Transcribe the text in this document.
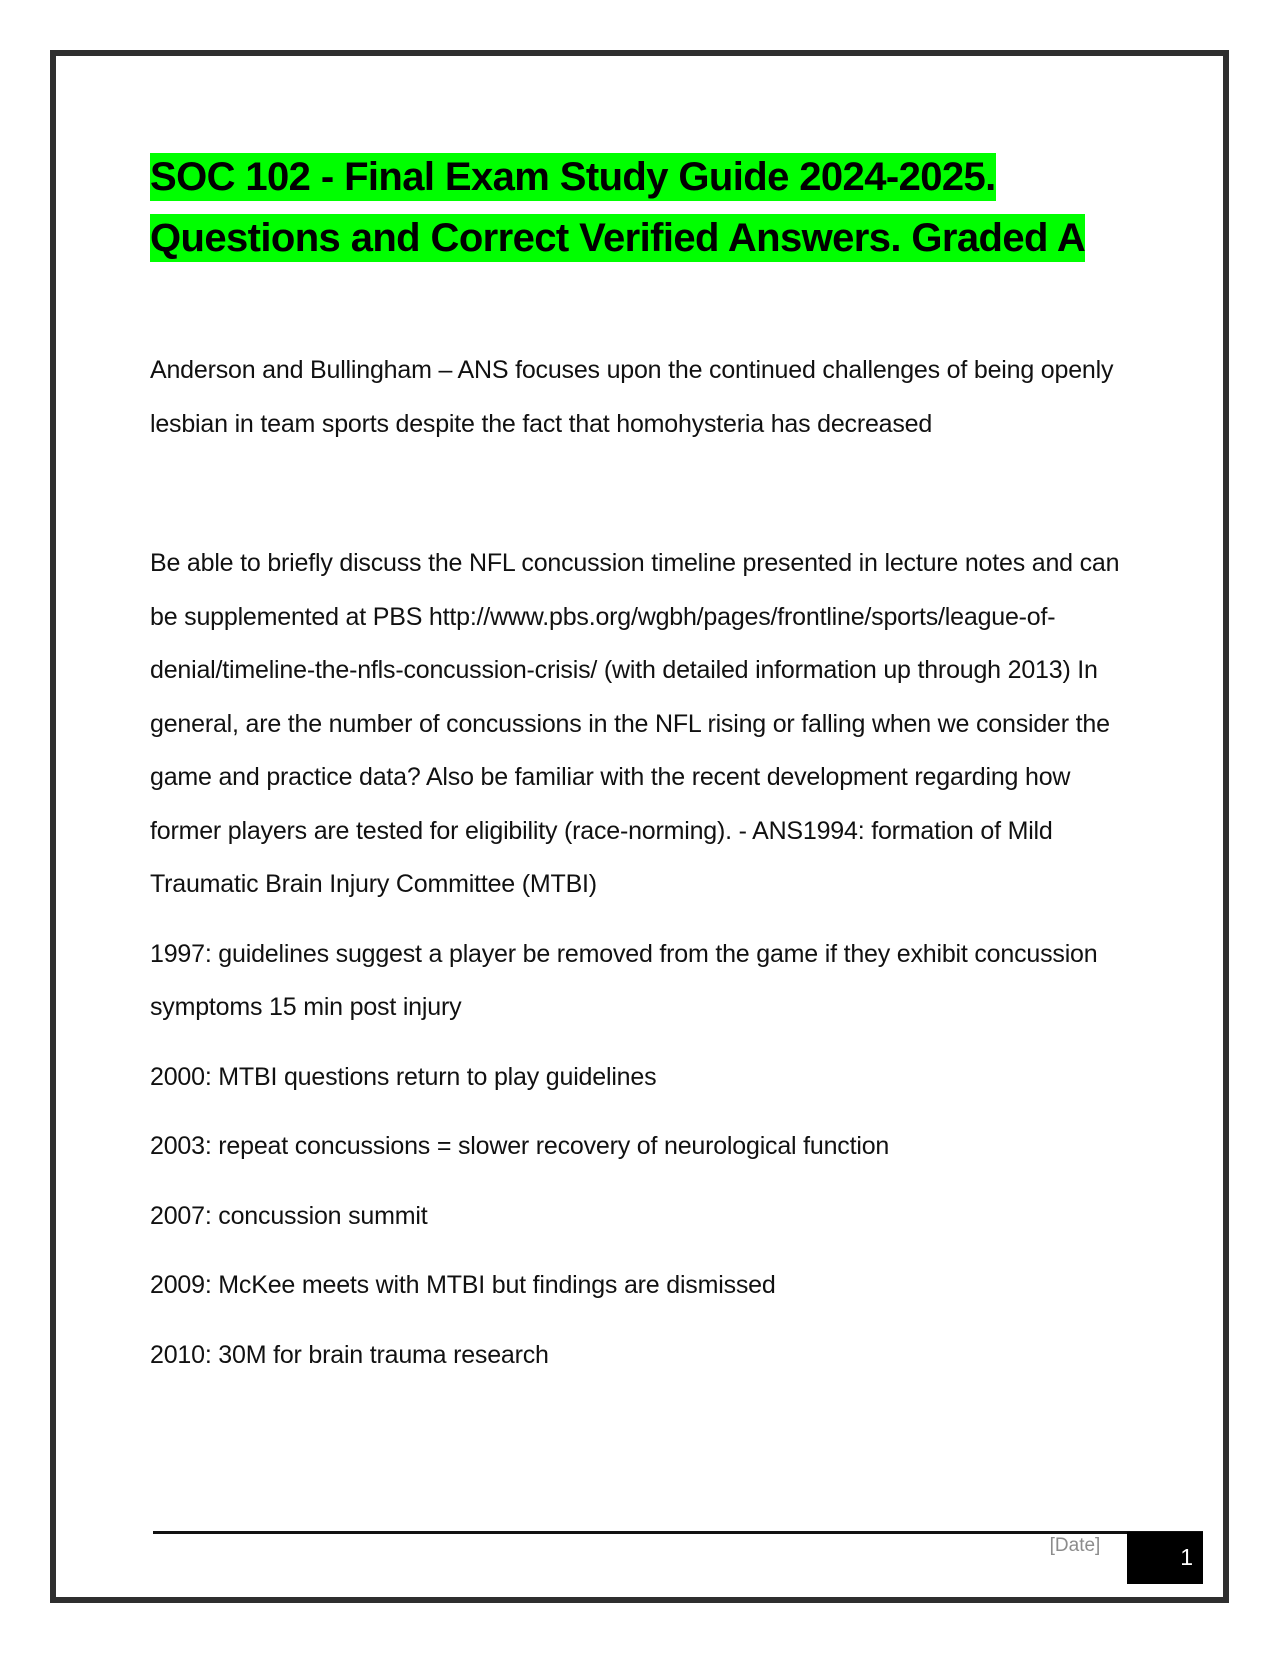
SOC 102 - Final Exam Study Guide 2024-2025. Questions and Correct Verified Answers. Graded A

Anderson and Bullingham – ANS focuses upon the continued challenges of being openly lesbian in team sports despite the fact that homohysteria has decreased

Be able to briefly discuss the NFL concussion timeline presented in lecture notes and can be supplemented at PBS http://www.pbs.org/wgbh/pages/frontline/sports/league-of-denial/timeline-the-nfls-concussion-crisis/ (with detailed information up through 2013) In general, are the number of concussions in the NFL rising or falling when we consider the game and practice data? Also be familiar with the recent development regarding how former players are tested for eligibility (race-norming). - ANS1994: formation of Mild Traumatic Brain Injury Committee (MTBI)

1997: guidelines suggest a player be removed from the game if they exhibit concussion symptoms 15 min post injury

2000: MTBI questions return to play guidelines

2003: repeat concussions = slower recovery of neurological function

2007: concussion summit

2009: McKee meets with MTBI but findings are dismissed

2010: 30M for brain trauma research

[Date]	1
